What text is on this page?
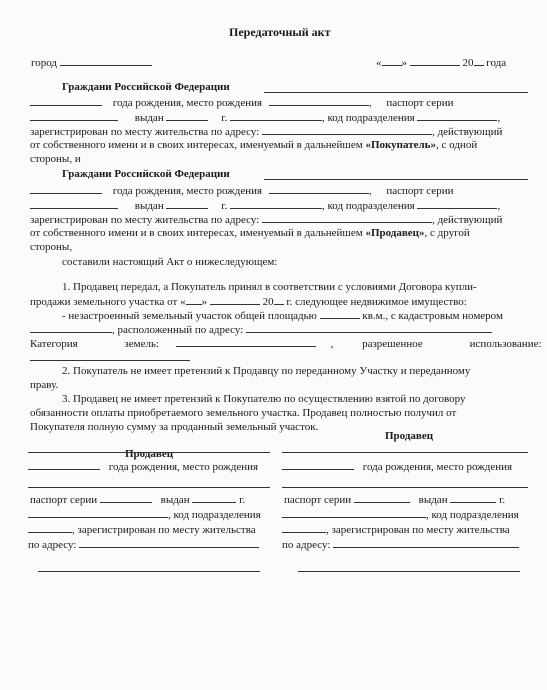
Передаточный акт
город	« »	20 года
Граждани Российской Федерации
года рождения, место рождения	, паспорт серии
выдан	г.	, код подразделения	,
зарегистрирован по месту жительства по адресу:	, действующий
от собственного имени и в своих интересах, именуемый в дальнейшем «Покупатель», с одной
стороны, и
Граждани Российской Федерации
года рождения, место рождения	, паспорт серии
выдан	г.	, код подразделения	,
зарегистрирован по месту жительства по адресу:	, действующий
от собственного имени и в своих интересах, именуемый в дальнейшем «Продавец», с другой
стороны,
составили настоящий Акт о нижеследующем:
1. Продавец передал, а Покупатель принял в соответствии с условиями Договора купли-
продажи земельного участка от « »	20 г. следующее недвижимое имущество:
- незастроенный земельный участок общей площадью	кв.м., с кадастровым номером
, расположенный по адресу:
Категория	земель:	,	разрешенное	использование:
2. Покупатель не имеет претензий к Продавцу по переданному Участку и переданному
праву.
3. Продавец не имеет претензий к Покупателю по осуществлению взятой по договору
обязанности оплаты приобретаемого земельного участка. Продавец полностью получил от
Покупателя полную сумму за проданный земельный участок.
Продавец
года рождения, место рождения
паспорт серии	выдан	г.
, код подразделения
, зарегистрирован по месту жительства
по адресу:
Продавец
года рождения, место рождения
паспорт серии	выдан	г.
, код подразделения
, зарегистрирован по месту жительства
по адресу:
